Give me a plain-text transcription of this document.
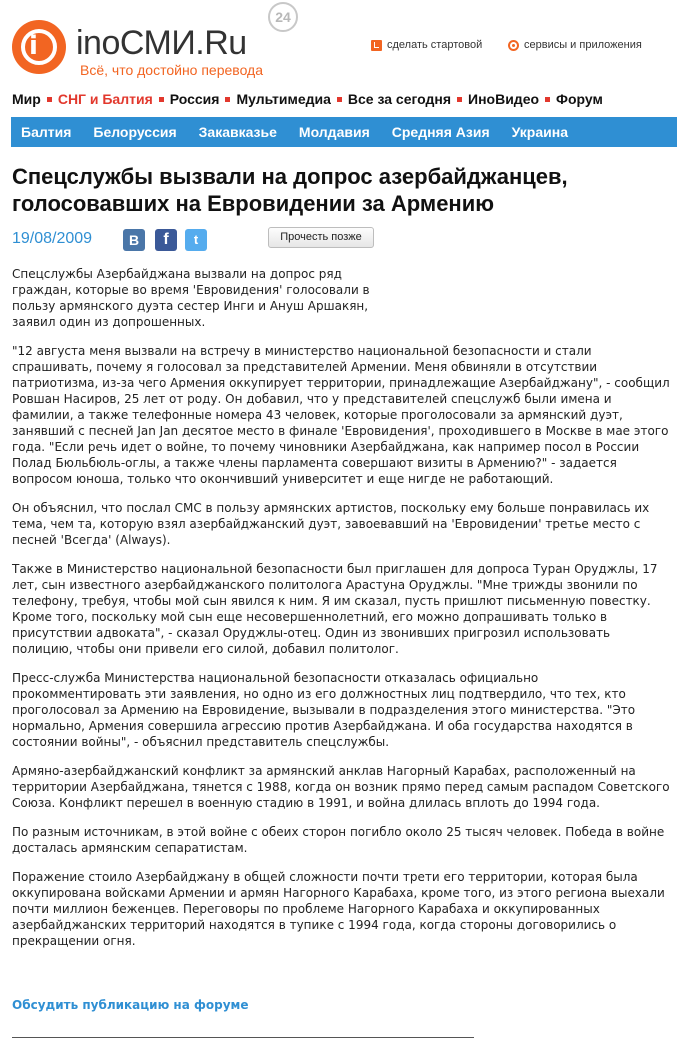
i inoСМИ.Ru
Всё, что достойно перевода
24
сделать стартовой	сервисы и приложения
Мир СНГ и Балтия Россия Мультимедиа Все за сегодня ИноВидео Форум
Балтия Белоруссия Закавказье Молдавия Средняя Азия Украина
Спецслужбы вызвали на допрос азербайджанцев, голосовавших на Евровидении за Армению
19/08/2009	B	f	t	Прочесть позже

Спецслужбы Азербайджана вызвали на допрос ряд граждан, которые во время 'Евровидения' голосовали в пользу армянского дуэта сестер Инги и Ануш Аршакян, заявил один из допрошенных.

"12 августа меня вызвали на встречу в министерство национальной безопасности и стали спрашивать, почему я голосовал за представителей Армении. Меня обвиняли в отсутствии патриотизма, из-за чего Армения оккупирует территории, принадлежащие Азербайджану", - сообщил Ровшан Насиров, 25 лет от роду. Он добавил, что у представителей спецслужб были имена и фамилии, а также телефонные номера 43 человек, которые проголосовали за армянский дуэт, занявший с песней Jan Jan десятое место в финале 'Евровидения', проходившего в Москве в мае этого года. "Если речь идет о войне, то почему чиновники Азербайджана, как например посол в России Полад Бюльбюль-оглы, а также члены парламента совершают визиты в Армению?" - задается вопросом юноша, только что окончивший университет и еще нигде не работающий.

Он объяснил, что послал СМС в пользу армянских артистов, поскольку ему больше понравилась их тема, чем та, которую взял азербайджанский дуэт, завоевавший на 'Евровидении' третье место с песней 'Всегда' (Always).

Также в Министерство национальной безопасности был приглашен для допроса Туран Оруджлы, 17 лет, сын известного азербайджанского политолога Арастуна Оруджлы. "Мне трижды звонили по телефону, требуя, чтобы мой сын явился к ним. Я им сказал, пусть пришлют письменную повестку. Кроме того, поскольку мой сын еще несовершеннолетний, его можно допрашивать только в присутствии адвоката", - сказал Оруджлы-отец. Один из звонивших пригрозил использовать полицию, чтобы они привели его силой, добавил политолог.

Пресс-служба Министерства национальной безопасности отказалась официально прокомментировать эти заявления, но одно из его должностных лиц подтвердило, что тех, кто проголосовал за Армению на Евровидение, вызывали в подразделения этого министерства. "Это нормально, Армения совершила агрессию против Азербайджана. И оба государства находятся в состоянии войны", - объяснил представитель спецслужбы.

Армяно-азербайджанский конфликт за армянский анклав Нагорный Карабах, расположенный на территории Азербайджана, тянется с 1988, когда он возник прямо перед самым распадом Советского Союза. Конфликт перешел в военную стадию в 1991, и война длилась вплоть до 1994 года.

По разным источникам, в этой войне с обеих сторон погибло около 25 тысяч человек. Победа в войне досталась армянским сепаратистам.

Поражение стоило Азербайджану в общей сложности почти трети его территории, которая была оккупирована войсками Армении и армян Нагорного Карабаха, кроме того, из этого региона выехали почти миллион беженцев. Переговоры по проблеме Нагорного Карабаха и оккупированных азербайджанских территорий находятся в тупике с 1994 года, когда стороны договорились о прекращении огня.

Обсудить публикацию на форуме
